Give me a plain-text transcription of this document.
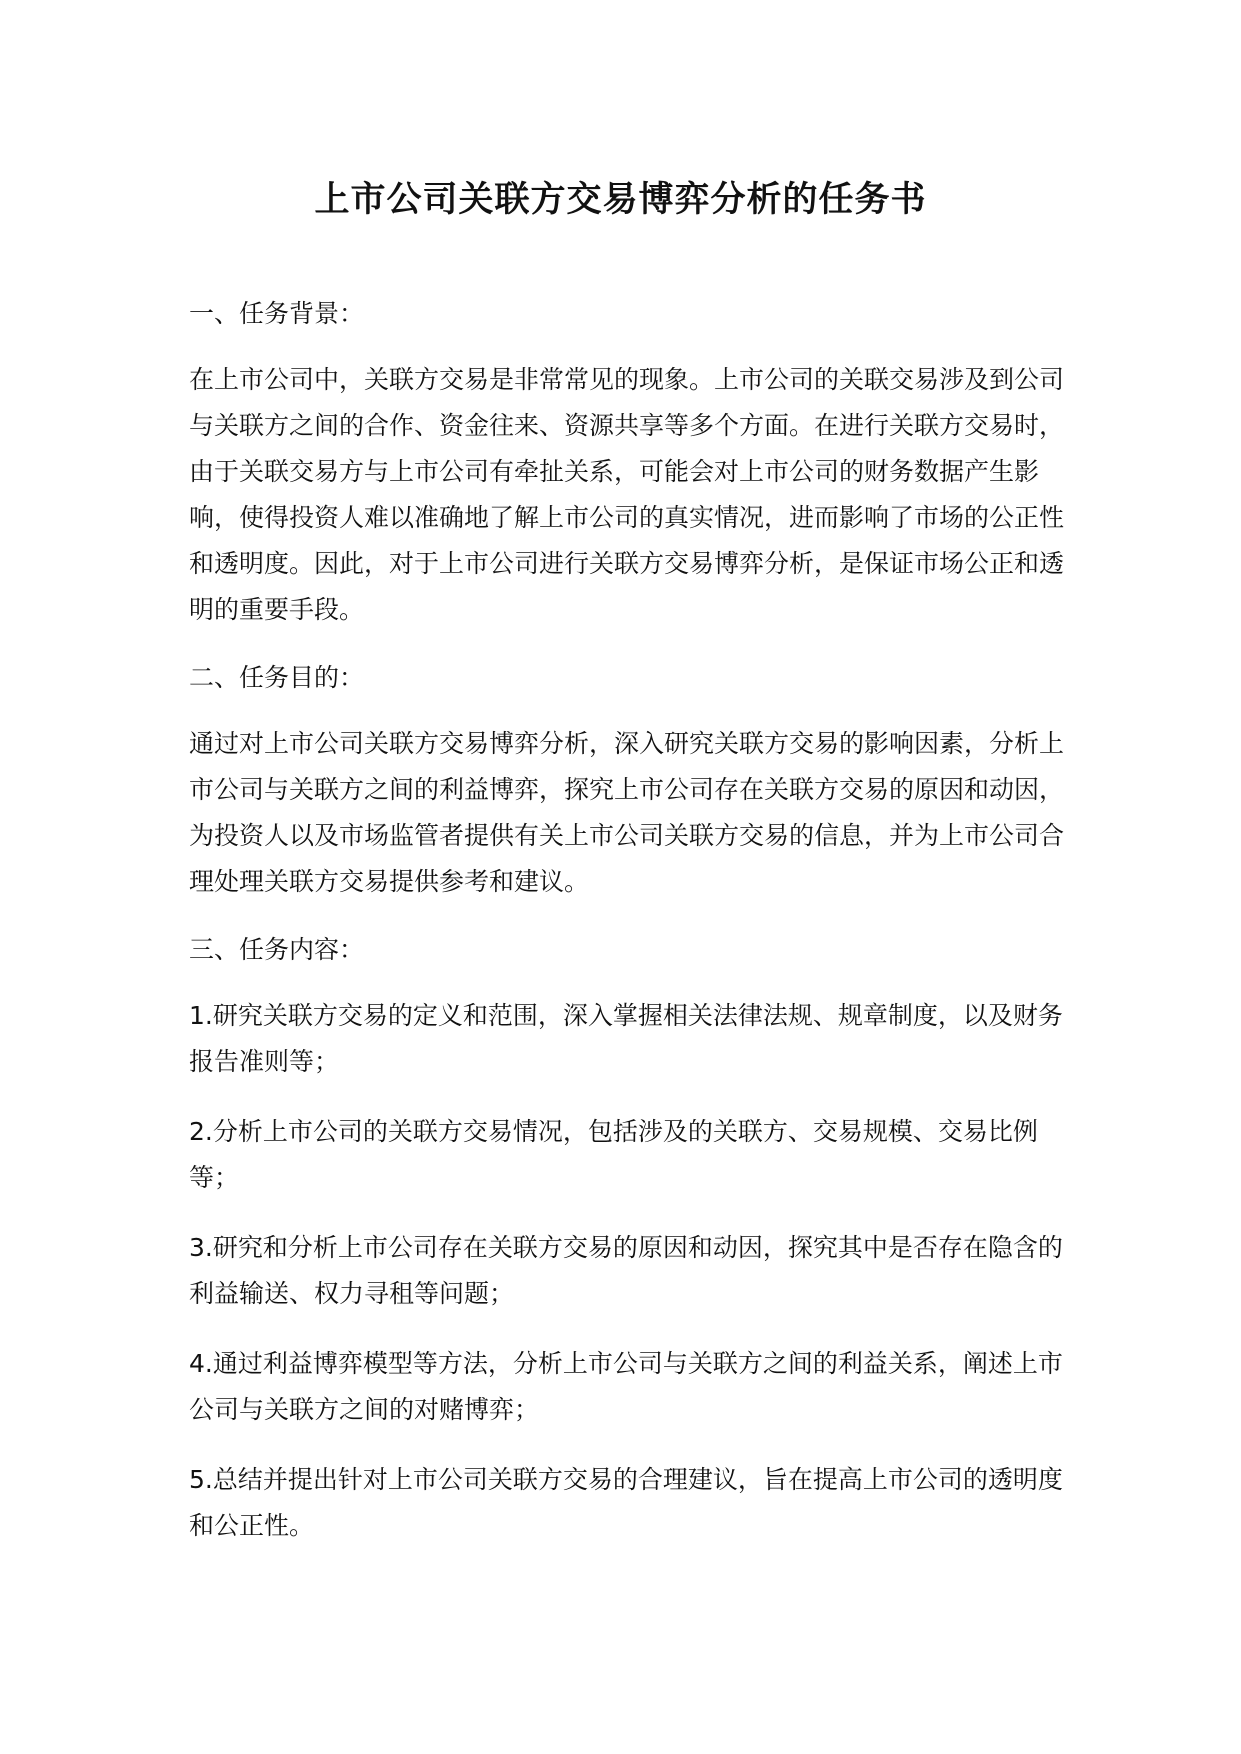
上市公司关联方交易博弈分析的任务书
一、任务背景：
在上市公司中，关联方交易是非常常见的现象。上市公司的关联交易涉及到公司与关联方之间的合作、资金往来、资源共享等多个方面。在进行关联方交易时，由于关联交易方与上市公司有牵扯关系，可能会对上市公司的财务数据产生影响，使得投资人难以准确地了解上市公司的真实情况，进而影响了市场的公正性和透明度。因此，对于上市公司进行关联方交易博弈分析，是保证市场公正和透明的重要手段。
二、任务目的：
通过对上市公司关联方交易博弈分析，深入研究关联方交易的影响因素，分析上市公司与关联方之间的利益博弈，探究上市公司存在关联方交易的原因和动因，为投资人以及市场监管者提供有关上市公司关联方交易的信息，并为上市公司合理处理关联方交易提供参考和建议。
三、任务内容：
1.研究关联方交易的定义和范围，深入掌握相关法律法规、规章制度，以及财务报告准则等；
2.分析上市公司的关联方交易情况，包括涉及的关联方、交易规模、交易比例等；
3.研究和分析上市公司存在关联方交易的原因和动因，探究其中是否存在隐含的利益输送、权力寻租等问题；
4.通过利益博弈模型等方法，分析上市公司与关联方之间的利益关系，阐述上市公司与关联方之间的对赌博弈；
5.总结并提出针对上市公司关联方交易的合理建议，旨在提高上市公司的透明度和公正性。
